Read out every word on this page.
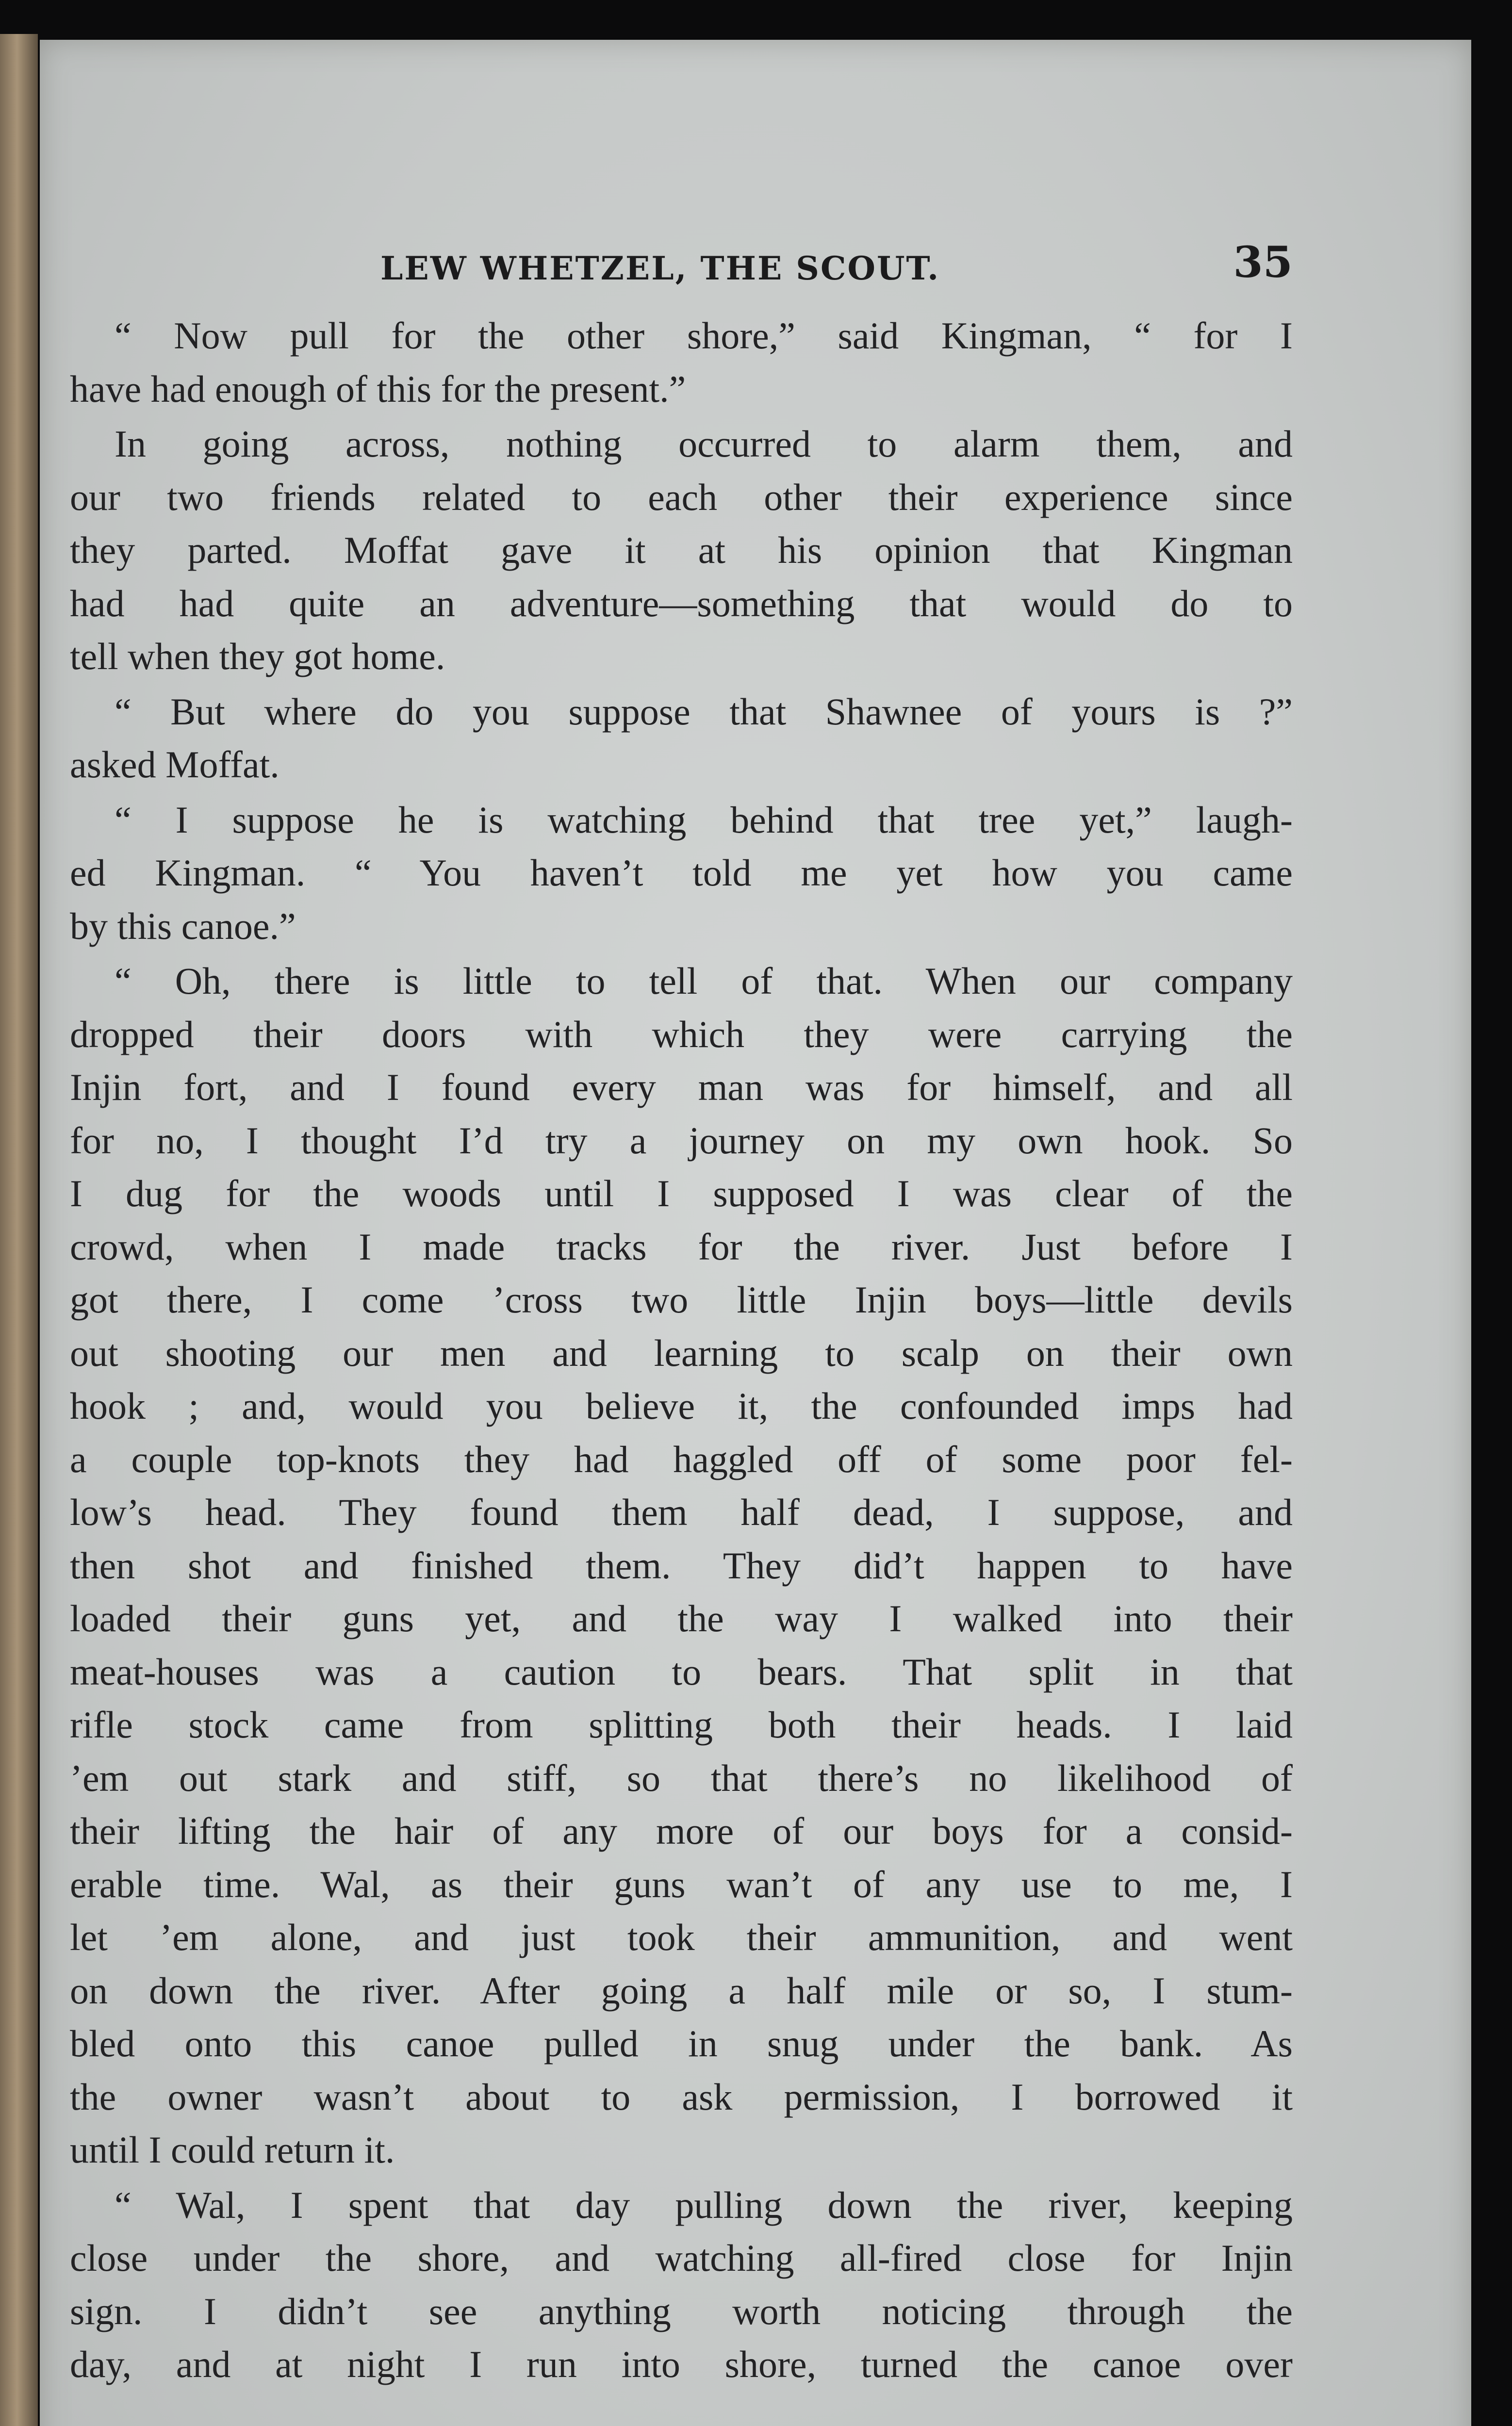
LEW WHETZEL, THE SCOUT.	35
“ Now pull for the other shore,” said Kingman, “ for I
have had enough of this for the present.”
In going across, nothing occurred to alarm them, and
our two friends related to each other their experience since
they parted. Moffat gave it at his opinion that Kingman
had had quite an adventure—something that would do to
tell when they got home.
“ But where do you suppose that Shawnee of yours is ?”
asked Moffat.
“ I suppose he is watching behind that tree yet,” laugh-
ed Kingman. “ You haven’t told me yet how you came
by this canoe.”
“ Oh, there is little to tell of that. When our company
dropped their doors with which they were carrying the
Injin fort, and I found every man was for himself, and all
for no, I thought I’d try a journey on my own hook. So
I dug for the woods until I supposed I was clear of the
crowd, when I made tracks for the river. Just before I
got there, I come ’cross two little Injin boys—little devils
out shooting our men and learning to scalp on their own
hook ; and, would you believe it, the confounded imps had
a couple top-knots they had haggled off of some poor fel-
low’s head. They found them half dead, I suppose, and
then shot and finished them. They did’t happen to have
loaded their guns yet, and the way I walked into their
meat-houses was a caution to bears. That split in that
rifle stock came from splitting both their heads. I laid
’em out stark and stiff, so that there’s no likelihood of
their lifting the hair of any more of our boys for a consid-
erable time. Wal, as their guns wan’t of any use to me, I
let ’em alone, and just took their ammunition, and went
on down the river. After going a half mile or so, I stum-
bled onto this canoe pulled in snug under the bank. As
the owner wasn’t about to ask permission, I borrowed it
until I could return it.
“ Wal, I spent that day pulling down the river, keeping
close under the shore, and watching all-fired close for Injin
sign. I didn’t see anything worth noticing through the
day, and at night I run into shore, turned the canoe over
